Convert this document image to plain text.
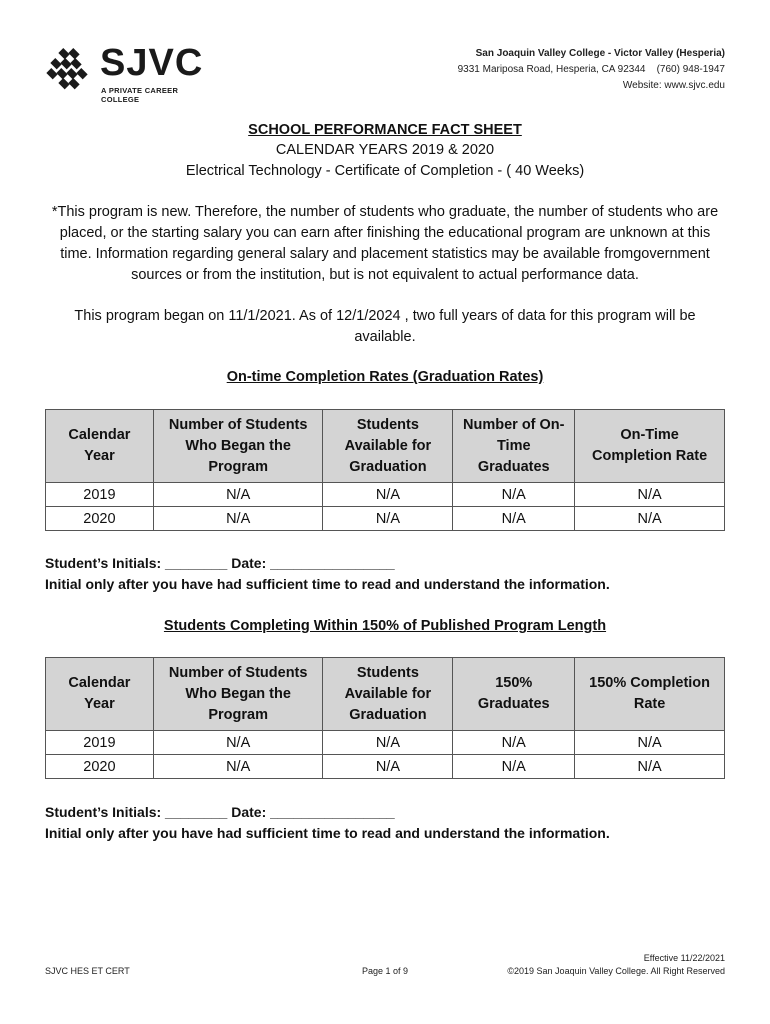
SJVC
A PRIVATE CAREER COLLEGE
San Joaquin Valley College - Victor Valley (Hesperia)
9331 Mariposa Road, Hesperia, CA 92344    (760) 948-1947
Website: www.sjvc.edu
SCHOOL PERFORMANCE FACT SHEET
CALENDAR YEARS 2019 & 2020
Electrical Technology - Certificate of Completion - ( 40 Weeks)
*This program is new. Therefore, the number of students who graduate, the number of students who are placed, or the starting salary you can earn after finishing the educational program are unknown at this time. Information regarding general salary and placement statistics may be available fromgovernment sources or from the institution, but is not equivalent to actual performance data.
This program began on 11/1/2021. As of 12/1/2024 , two full years of data for this program will be available.
On-time Completion Rates (Graduation Rates)
Calendar Year	Number of Students Who Began the Program	Students Available for Graduation	Number of On-Time Graduates	On-Time Completion Rate
2019	N/A	N/A	N/A	N/A
2020	N/A	N/A	N/A	N/A
Student’s Initials: ________ Date: ________________
Initial only after you have had sufficient time to read and understand the information.
Students Completing Within 150% of Published Program Length
Calendar Year	Number of Students Who Began the Program	Students Available for Graduation	150% Graduates	150% Completion Rate
2019	N/A	N/A	N/A	N/A
2020	N/A	N/A	N/A	N/A
Student’s Initials: ________ Date: ________________
Initial only after you have had sufficient time to read and understand the information.
SJVC HES ET CERT	Page 1 of 9
Effective 11/22/2021
©2019 San Joaquin Valley College. All Right Reserved
